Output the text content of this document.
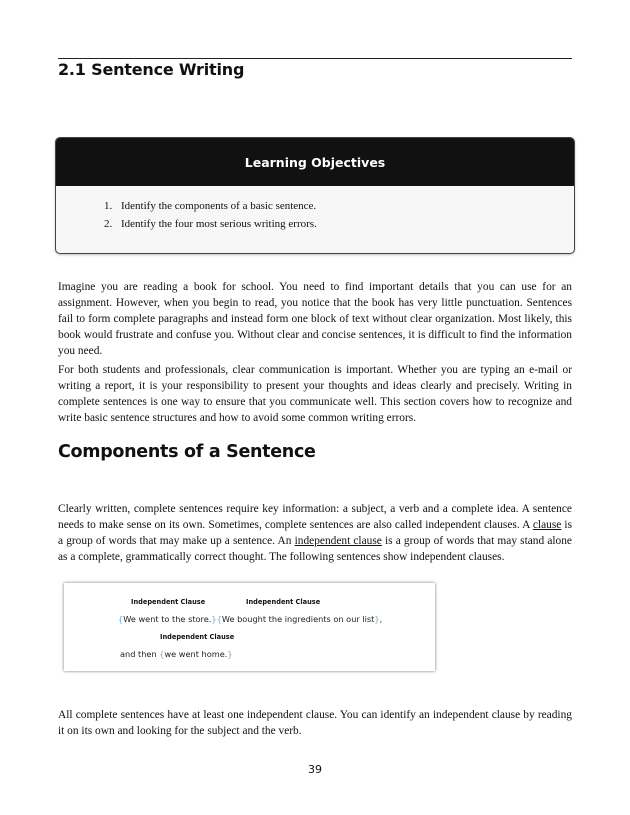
2.1 Sentence Writing
Learning Objectives
1. Identify the components of a basic sentence.
2. Identify the four most serious writing errors.

Imagine you are reading a book for school. You need to find important details that you can use for an assignment. However, when you begin to read, you notice that the book has very little punctuation. Sentences fail to form complete paragraphs and instead form one block of text without clear organization. Most likely, this book would frustrate and confuse you. Without clear and concise sentences, it is difficult to find the information you need.

For both students and professionals, clear communication is important. Whether you are typing an e-mail or writing a report, it is your responsibility to present your thoughts and ideas clearly and precisely. Writing in complete sentences is one way to ensure that you communicate well. This section covers how to recognize and write basic sentence structures and how to avoid some common writing errors.

Components of a Sentence

Clearly written, complete sentences require key information: a subject, a verb and a complete idea. A sentence needs to make sense on its own. Sometimes, complete sentences are also called independent clauses. A clause is a group of words that may make up a sentence. An independent clause is a group of words that may stand alone as a complete, grammatically correct thought. The following sentences show independent clauses.

Independent Clause	Independent Clause
{We went to the store.}{We bought the ingredients on our list},
Independent Clause
and then {we went home.}

All complete sentences have at least one independent clause. You can identify an independent clause by reading it on its own and looking for the subject and the verb.

39
